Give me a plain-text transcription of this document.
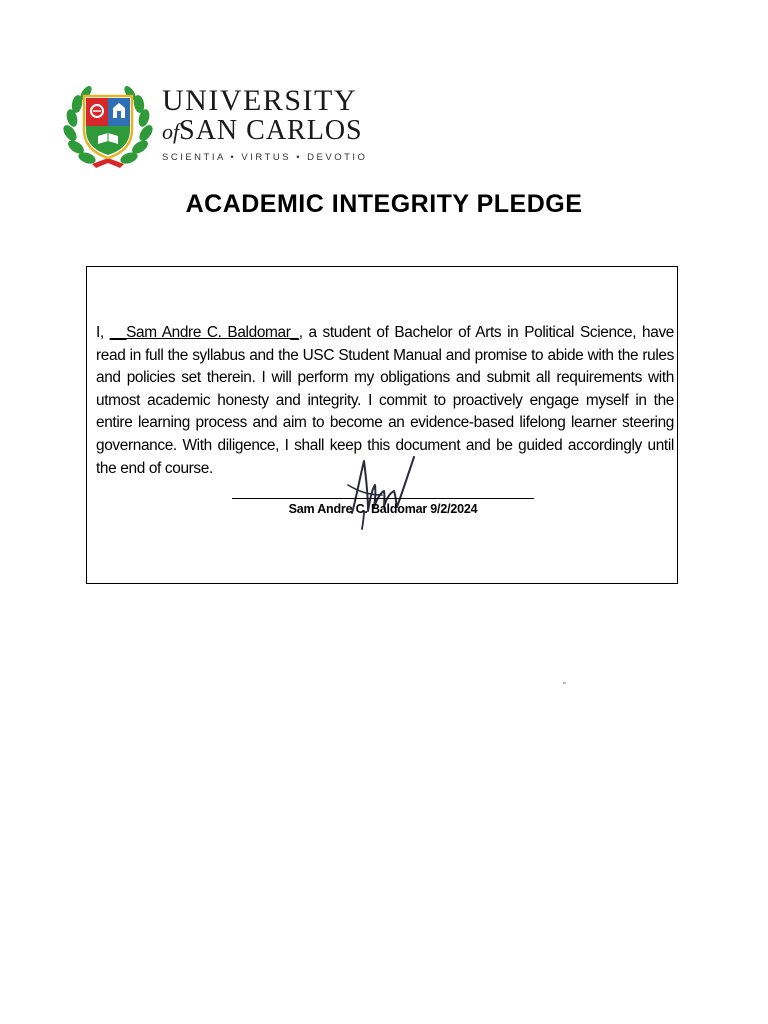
UNIVERSITY
ofSAN CARLOS
SCIENTIA • VIRTUS • DEVOTIO
ACADEMIC INTEGRITY PLEDGE
I, __Sam Andre C. Baldomar_, a student of Bachelor of Arts in Political Science, have read in full the syllabus and the USC Student Manual and promise to abide with the rules and policies set therein. I will perform my obligations and submit all requirements with utmost academic honesty and integrity. I commit to proactively engage myself in the entire learning process and aim to become an evidence-based lifelong learner steering governance. With diligence, I shall keep this document and be guided accordingly until the end of course.
Sam Andre C. Baldomar 9/2/2024
